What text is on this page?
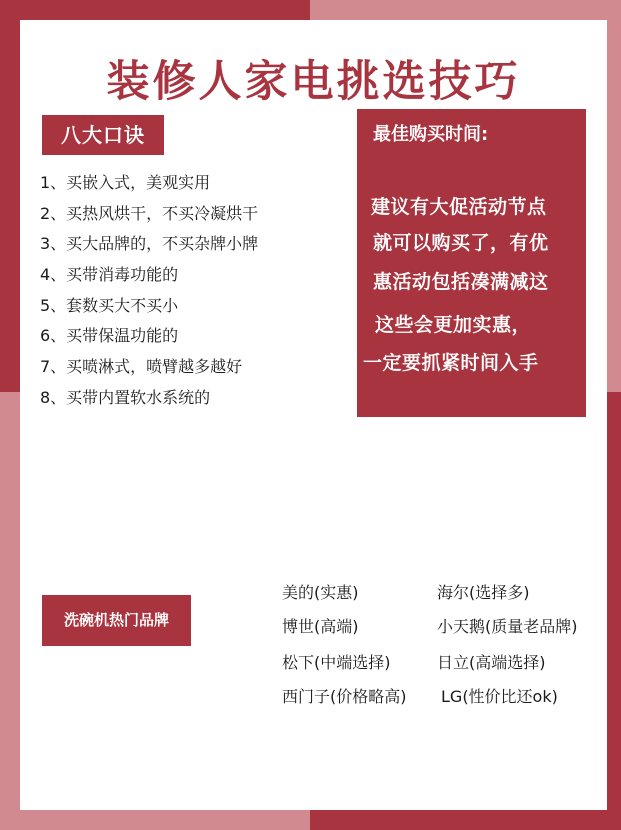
装修人家电挑选技巧
八大口诀
1、买嵌入式，美观实用
2、买热风烘干，不买冷凝烘干
3、买大品牌的，不买杂牌小牌
4、买带消毒功能的
5、套数买大不买小
6、买带保温功能的
7、买喷淋式，喷臂越多越好
8、买带内置软水系统的
最佳购买时间:
建议有大促活动节点
就可以购买了，有优
惠活动包括凑满减这
这些会更加实惠，
一定要抓紧时间入手
洗碗机热门品牌
美的(实惠)	海尔(选择多)
博世(高端)	小天鹅(质量老品牌)
松下(中端选择)	日立(高端选择)
西门子(价格略高) LG(性价比还ok)
